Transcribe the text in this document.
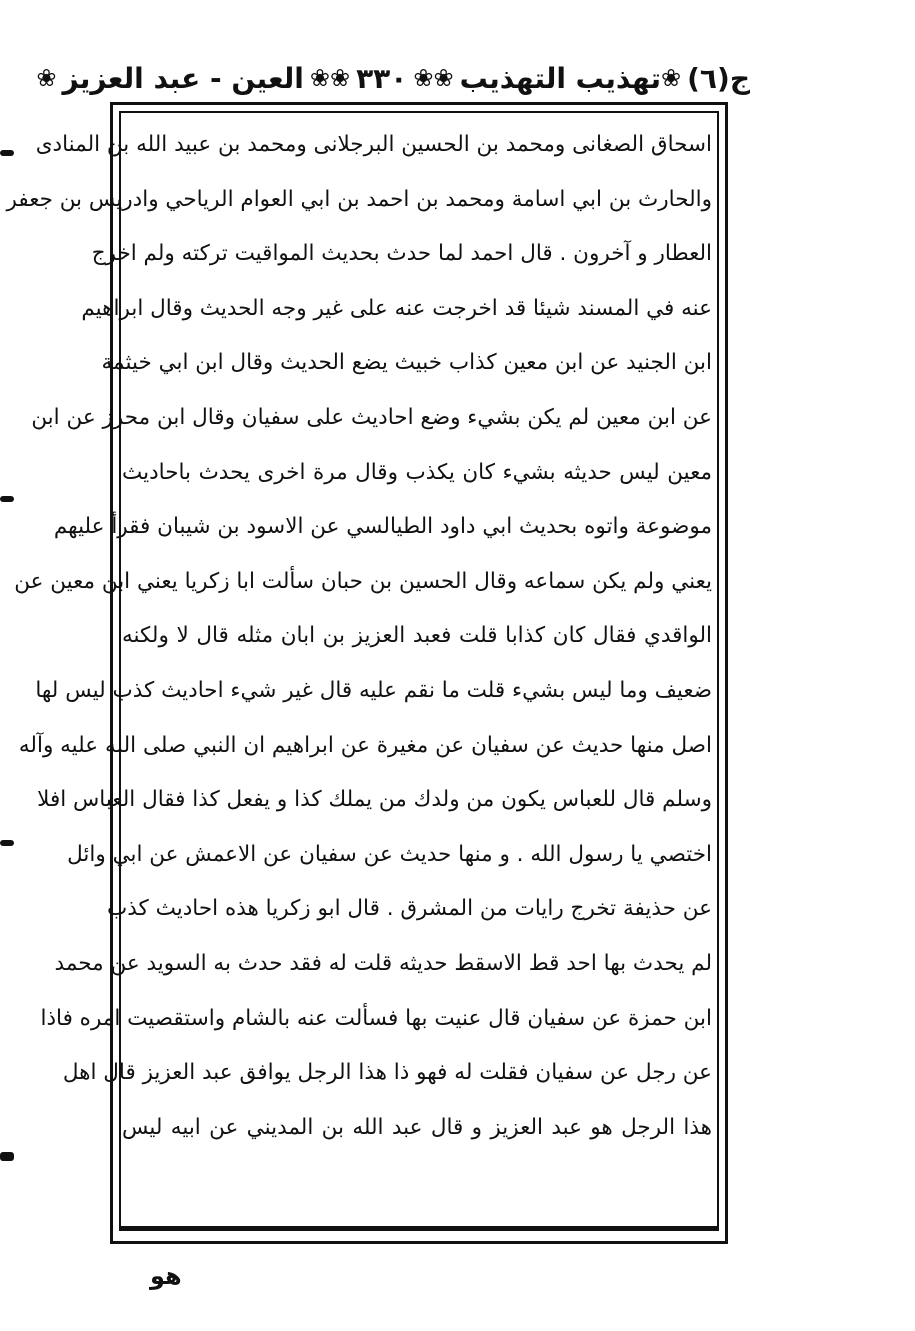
ج(٦)
❀
تهذيب التهذيب
❀
❀
٣٣٠
❀
❀
العين - عبد العزيز
❀
اسحاق الصغانی ومحمد بن الحسین البرجلانی ومحمد بن عبید الله بن المنادی
والحارث بن ابي اسامة ومحمد بن احمد بن ابي العوام الرياحي وادريس بن جعفر
العطار و آخرون . قال احمد لما حدث بحديث المواقيت تركته ولم اخرج
عنه في المسند شيئا قد اخرجت عنه على غير وجه الحديث وقال ابراهيم
ابن الجنيد عن ابن معين كذاب خبيث يضع الحديث وقال ابن ابي خيثمة
عن ابن معين لم يكن بشيء وضع احاديث على سفيان وقال ابن محرز عن ابن
معين ليس حديثه بشيء كان يكذب وقال مرة اخرى يحدث باحاديث
موضوعة واتوه بحديث ابي داود الطيالسي عن الاسود بن شيبان فقرأ عليهم
يعني ولم يكن سماعه وقال الحسين بن حبان سألت ابا زكريا يعني ابن معين عن
الواقدي فقال كان كذابا قلت فعبد العزيز بن ابان مثله قال لا ولكنه
ضعيف وما ليس بشيء قلت ما نقم عليه قال غير شيء احاديث كذب ليس لها
اصل منها حديث عن سفيان عن مغيرة عن ابراهيم ان النبي صلى الله عليه وآله
وسلم قال للعباس يكون من ولدك من يملك كذا و يفعل كذا فقال العباس افلا
اختصي يا رسول الله . و منها حديث عن سفيان عن الاعمش عن ابي وائل
عن حذيفة تخرج رايات من المشرق . قال ابو زكريا هذه احاديث كذب
لم يحدث بها احد قط الاسقط حديثه قلت له فقد حدث به السويد عن محمد
ابن حمزة عن سفيان قال عنيت بها فسألت عنه بالشام واستقصيت امره فاذا
عن رجل عن سفيان فقلت له فهو ذا هذا الرجل يوافق عبد العزيز قال اهل
هذا الرجل هو عبد العزيز و قال عبد الله بن المديني عن ابيه ليس
هو
